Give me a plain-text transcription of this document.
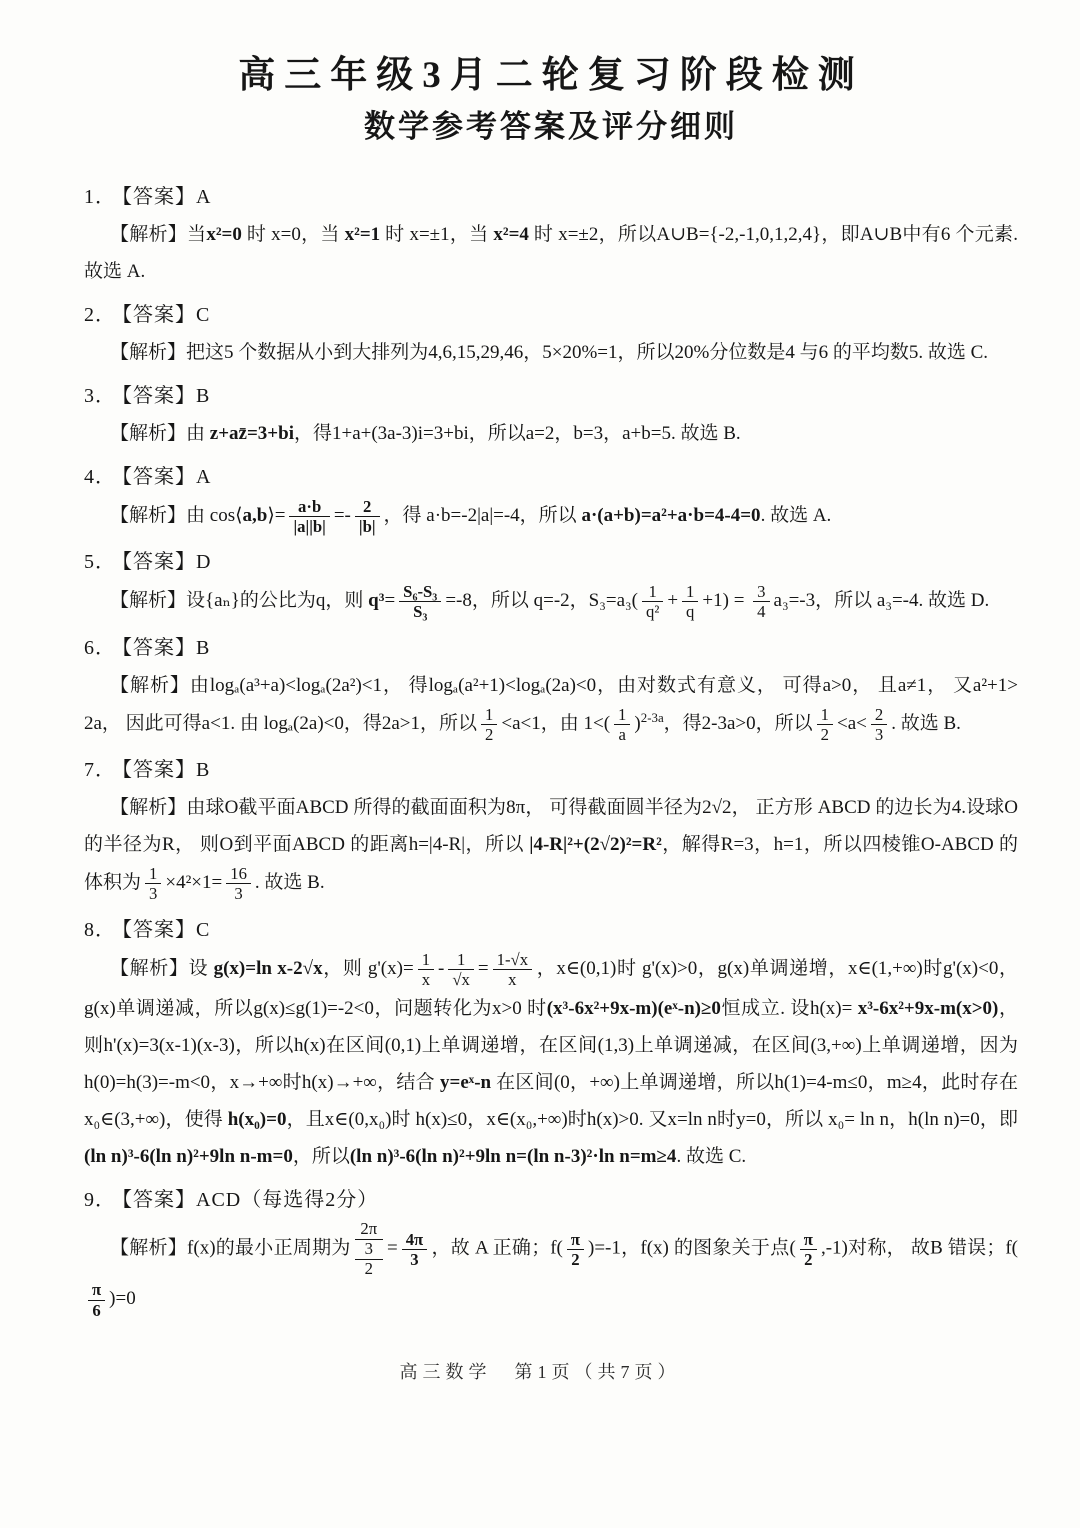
高三年级3月二轮复习阶段检测
数学参考答案及评分细则
1． 【答案】A

【解析】当x²=0 时 x=0，当 x²=1 时 x=±1，当 x²=4 时 x=±2，所以A∪B={-2,-1,0,1,2,4}，即A∪B中有6 个元素. 故选 A.

2． 【答案】C

【解析】把这5 个数据从小到大排列为4,6,15,29,46，5×20%=1，所以20%分位数是4 与6 的平均数5. 故选 C.

3． 【答案】B

【解析】由 z+az̄=3+bi，得1+a+(3a-3)i=3+bi，所以a=2，b=3，a+b=5. 故选 B.

4． 【答案】A

【解析】由 cos⟨a,b⟩= $\frac{a\cdot b}{|a||b|} =- \frac{2}{|b|}$ ，得 a·b=-2|a|=-4，所以 a·(a+b)=a²+a·b=4-4=0. 故选 A.

5． 【答案】D

【解析】设{aₙ}的公比为q，则 $q^3= \frac{\text{S₆-S₃}}{\text{S₃}} =-8$，所以 q=-2，$S_3=a_3( \frac{1}{\text{q²}} + \frac{1}{q} +1) = \frac{3}{4} a_3=-3$，所以 a₃=-4. 故选 D.

6． 【答案】B

【解析】由logₐ(a³+a)<logₐ(2a²)<1， 得logₐ(a²+1)<logₐ(2a)<0，由对数式有意义， 可得a>0， 且a≠1， 又a²+1> 2a， 因此可得a<1. 由 logₐ(2a)<0，得2a>1，所以 $\frac{1}{2} <a<1$，由 $1<( \frac{1}{a} )^{2-3a}$，得2-3a>0，所以 $\frac{1}{2} <a< \frac{2}{3}$ . 故选 B.

7． 【答案】B

【解析】由球O截平面ABCD 所得的截面面积为8π， 可得截面圆半径为2√2， 正方形 ABCD 的边长为4.设球O的半径为R， 则O到平面ABCD 的距离h=|4-R|，所以 |4-R|²+(2√2)²=R²，解得R=3，h=1，所以四棱锥O-ABCD 的体积为 $\frac{1}{3} \times 4^2\times 1= \frac{16}{3}$ . 故选 B.

8． 【答案】C

【解析】设 g(x)=ln x-2√x，则 $g'(x)= \frac{1}{x} - \frac{1}{√x} = \frac{1-√x}{x}$ ，x∈(0,1)时 g'(x)>0，g(x)单调递增，x∈(1,+∞)时g'(x)<0，g(x)单调递减，所以g(x)≤g(1)=-2<0，问题转化为x>0 时(x³-6x²+9x-m)(eˣ-n)≥0恒成立. 设h(x)= x³-6x²+9x-m(x>0)，则h'(x)=3(x-1)(x-3)，所以h(x)在区间(0,1)上单调递增，在区间(1,3)上单调递减，在区间(3,+∞)上单调递增，因为h(0)=h(3)=-m<0，x→+∞时h(x)→+∞，结合 y=eˣ-n 在区间(0，+∞)上单调递增，所以h(1)=4-m≤0，m≥4，此时存在x₀∈(3,+∞)，使得 h(x₀)=0，且x∈(0,x₀)时 h(x)≤0，x∈(x₀,+∞)时h(x)>0. 又x=ln n时y=0，所以 x₀= ln n，h(ln n)=0，即(ln n)³-6(ln n)²+9ln n-m=0，所以(ln n)³-6(ln n)²+9ln n=(ln n-3)²·ln n=m≥4. 故选 C.

9． 【答案】ACD（每选得2分）

【解析】f(x)的最小正周期为
2π
3
2
= $\frac{4\pi}{3}$ ，故 A 正确；$f( \frac{\pi}{2} )=-1$，f(x) 的图象关于点( $\frac{\pi}{2} ,-1$)对称， 故B 错误；f(
$\frac{\pi}{6} )=0$

高三数学　第1页（共7页）
